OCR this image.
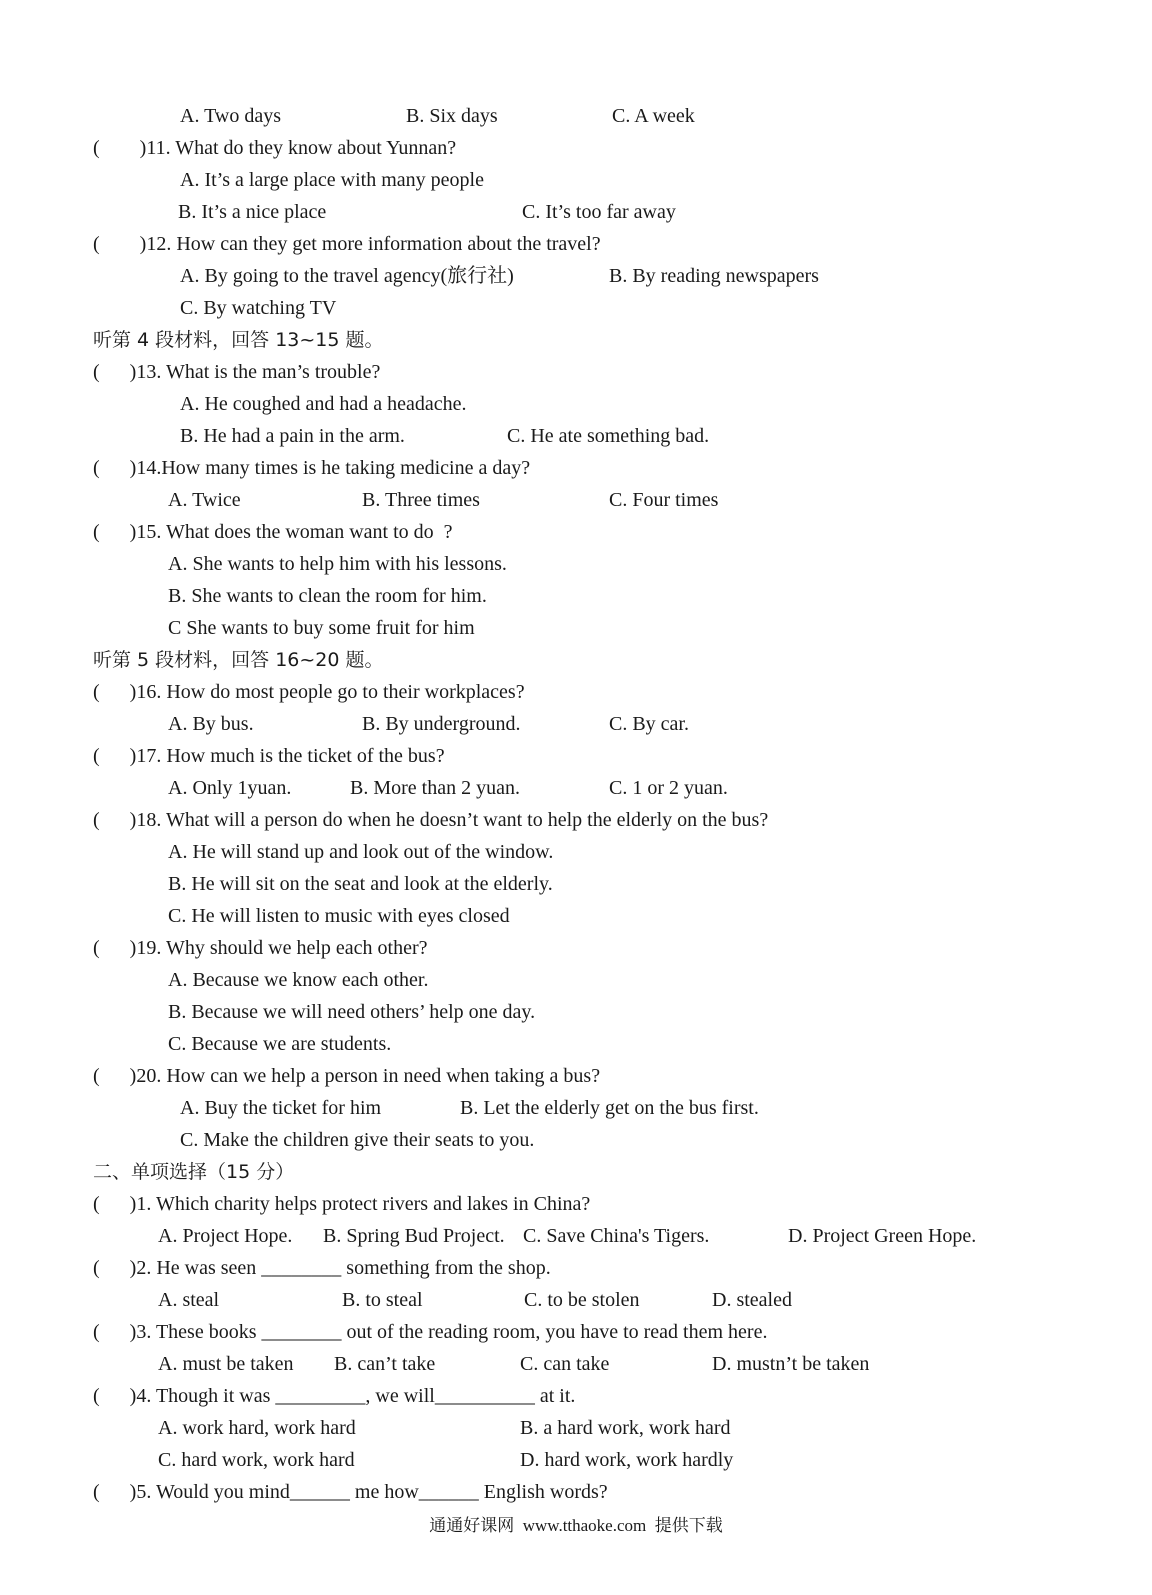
A. Two days	B. Six days	C. A week
(        )11. What do they know about Yunnan?
A. It’s a large place with many people
B. It’s a nice place	C. It’s too far away
(        )12. How can they get more information about the travel?
A. By going to the travel agency(旅行社)	B. By reading newspapers
C. By watching TV
听第 4 段材料，回答 13~15 题。
(      )13. What is the man’s trouble?
A. He coughed and had a headache.
B. He had a pain in the arm.	C. He ate something bad.
(      )14.How many times is he taking medicine a day?
A. Twice	B. Three times	C. Four times
(      )15. What does the woman want to do  ?
A. She wants to help him with his lessons.
B. She wants to clean the room for him.
C She wants to buy some fruit for him
听第 5 段材料，回答 16~20 题。
(      )16. How do most people go to their workplaces?
A. By bus.	B. By underground.	C. By car.
(      )17. How much is the ticket of the bus?
A. Only 1yuan.	B. More than 2 yuan.	C. 1 or 2 yuan.
(      )18. What will a person do when he doesn’t want to help the elderly on the bus?
A. He will stand up and look out of the window.
B. He will sit on the seat and look at the elderly.
C. He will listen to music with eyes closed
(      )19. Why should we help each other?
A. Because we know each other.
B. Because we will need others’ help one day.
C. Because we are students.
(      )20. How can we help a person in need when taking a bus?
A. Buy the ticket for him	B. Let the elderly get on the bus first.
C. Make the children give their seats to you.
二、单项选择（15 分）
(      )1. Which charity helps protect rivers and lakes in China?
A. Project Hope. B. Spring Bud Project. C. Save China's Tigers.	D. Project Green Hope.
(      )2. He was seen ________ something from the shop.
A. steal	B. to steal	C. to be stolen	D. stealed
(      )3. These books ________ out of the reading room, you have to read them here.
A. must be taken B. can’t take	C. can take	D. mustn’t be taken
(      )4. Though it was _________, we will__________ at it.
A. work hard, work hard	B. a hard work, work hard
C. hard work, work hard	D. hard work, work hardly
(      )5. Would you mind______ me how______ English words?
通通好课网  www.tthaoke.com  提供下载
